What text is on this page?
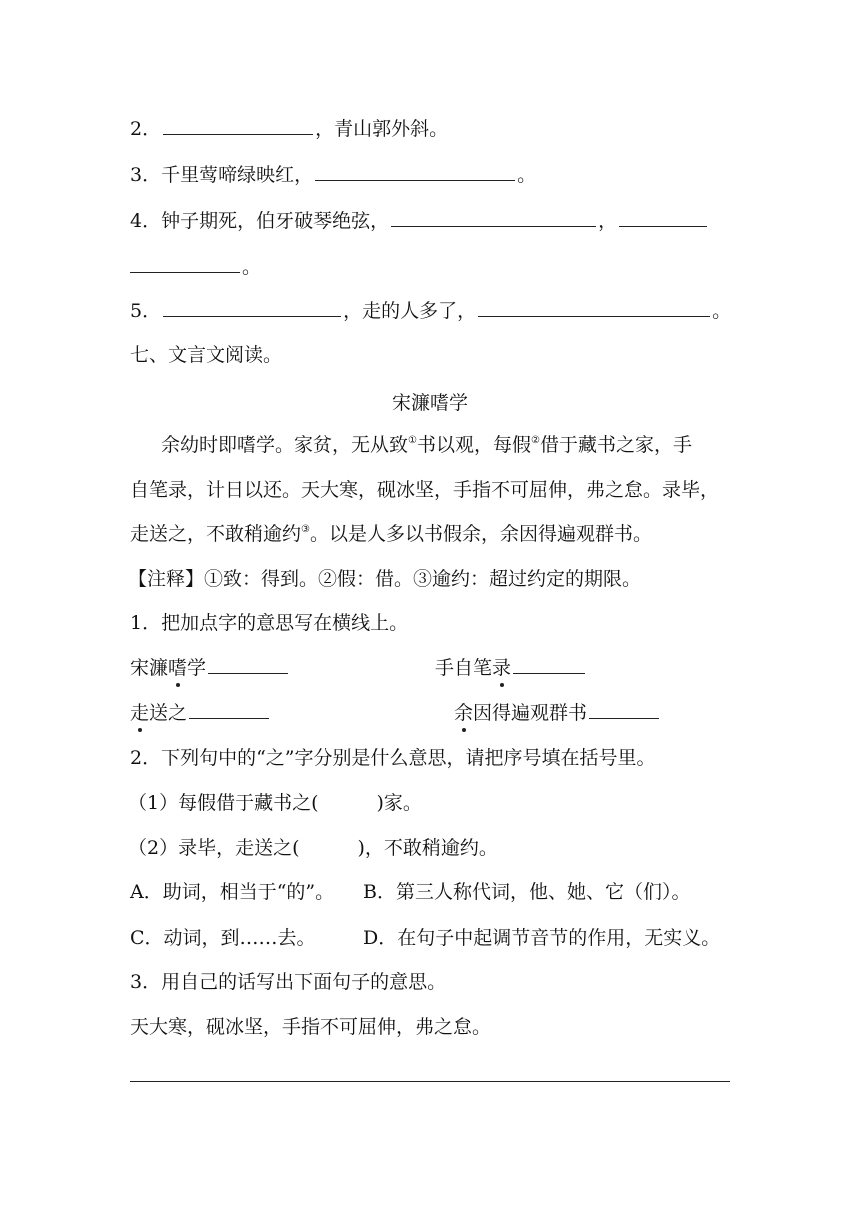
2．	，青山郭外斜。
3．千里莺啼绿映红，	。
4．钟子期死，伯牙破琴绝弦，	，
。
5．	，走的人多了，	。
七、文言文阅读。
宋濂嗜学
余幼时即嗜学。家贫，无从致①书以观，每假②借于藏书之家，手
自笔录，计日以还。天大寒，砚冰坚，手指不可屈伸，弗之怠。录毕，
走送之，不敢稍逾约③。以是人多以书假余，余因得遍观群书。
【注释】①致：得到。②假：借。③逾约：超过约定的期限。
1．把加点字的意思写在横线上。
宋濂嗜学	手自笔录
走送之	余因得遍观群书
2．下列句中的“之”字分别是什么意思，请把序号填在括号里。
（1）每假借于藏书之(	)家。
（2）录毕，走送之(	)，不敢稍逾约。
A．助词，相当于“的”。 B．第三人称代词，他、她、它（们）。
C．动词，到……去。 D．在句子中起调节音节的作用，无实义。
3．用自己的话写出下面句子的意思。
天大寒，砚冰坚，手指不可屈伸，弗之怠。
